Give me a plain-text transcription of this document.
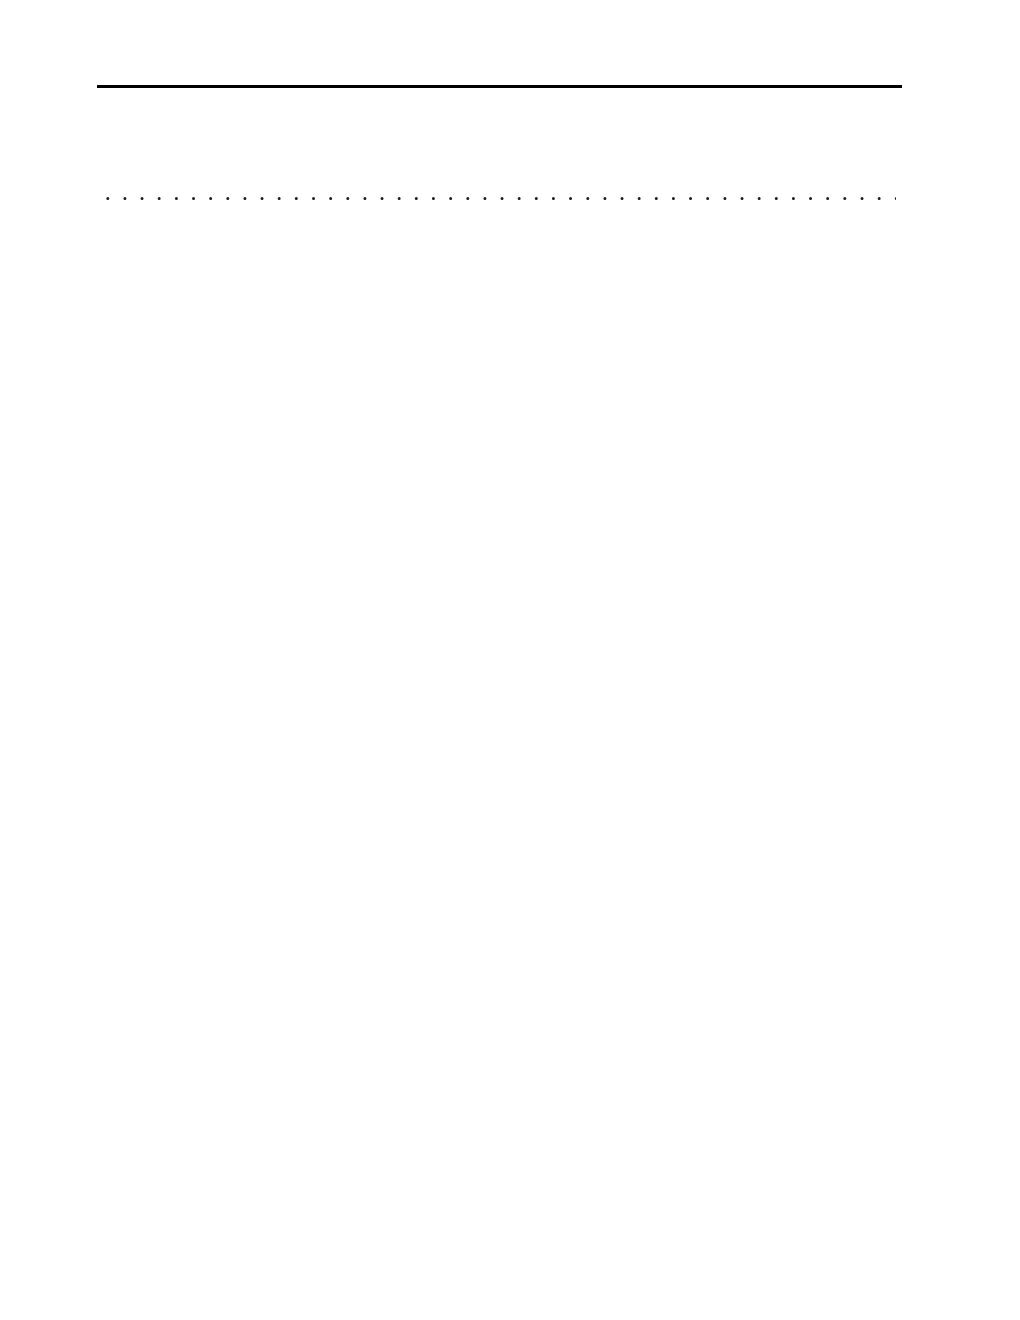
. . .
